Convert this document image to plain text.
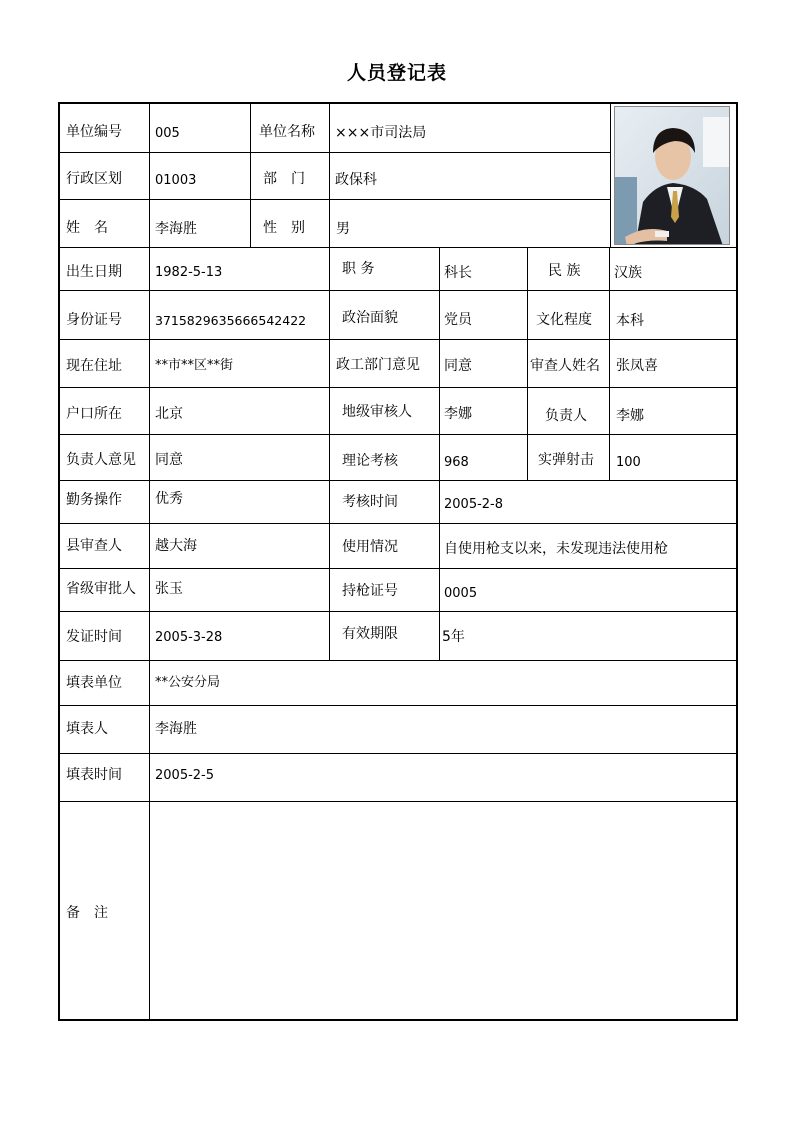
人员登记表
单位编号	005	单位名称 ×××市司法局
行政区划	01003	部　门 政保科
姓　名	李海胜	性　别 男
出生日期	1982-5-13	职 务	科长	民 族 汉族
身份证号	371582963566654242​2	政治面貌	党员	文化程度 本科
现在住址	**市**区**街	政工部门意见 同意	审查人姓名 张凤喜
户口所在 北京	地级审核人 李娜	负责人 李娜
负责人意见 同意	理论考核	968	实弹射击 100
勤务操作 优秀	考核时间	2005-2-8
县审查人 越大海	使用情况	自使用枪支以来，未发现违法使用枪
省级审批人 张玉	持枪证号	0005
发证时间	2005-3-28	有效期限	5年
填表单位	**公安分局
填表人	李海胜
填表时间	2005-2-5
备　注
